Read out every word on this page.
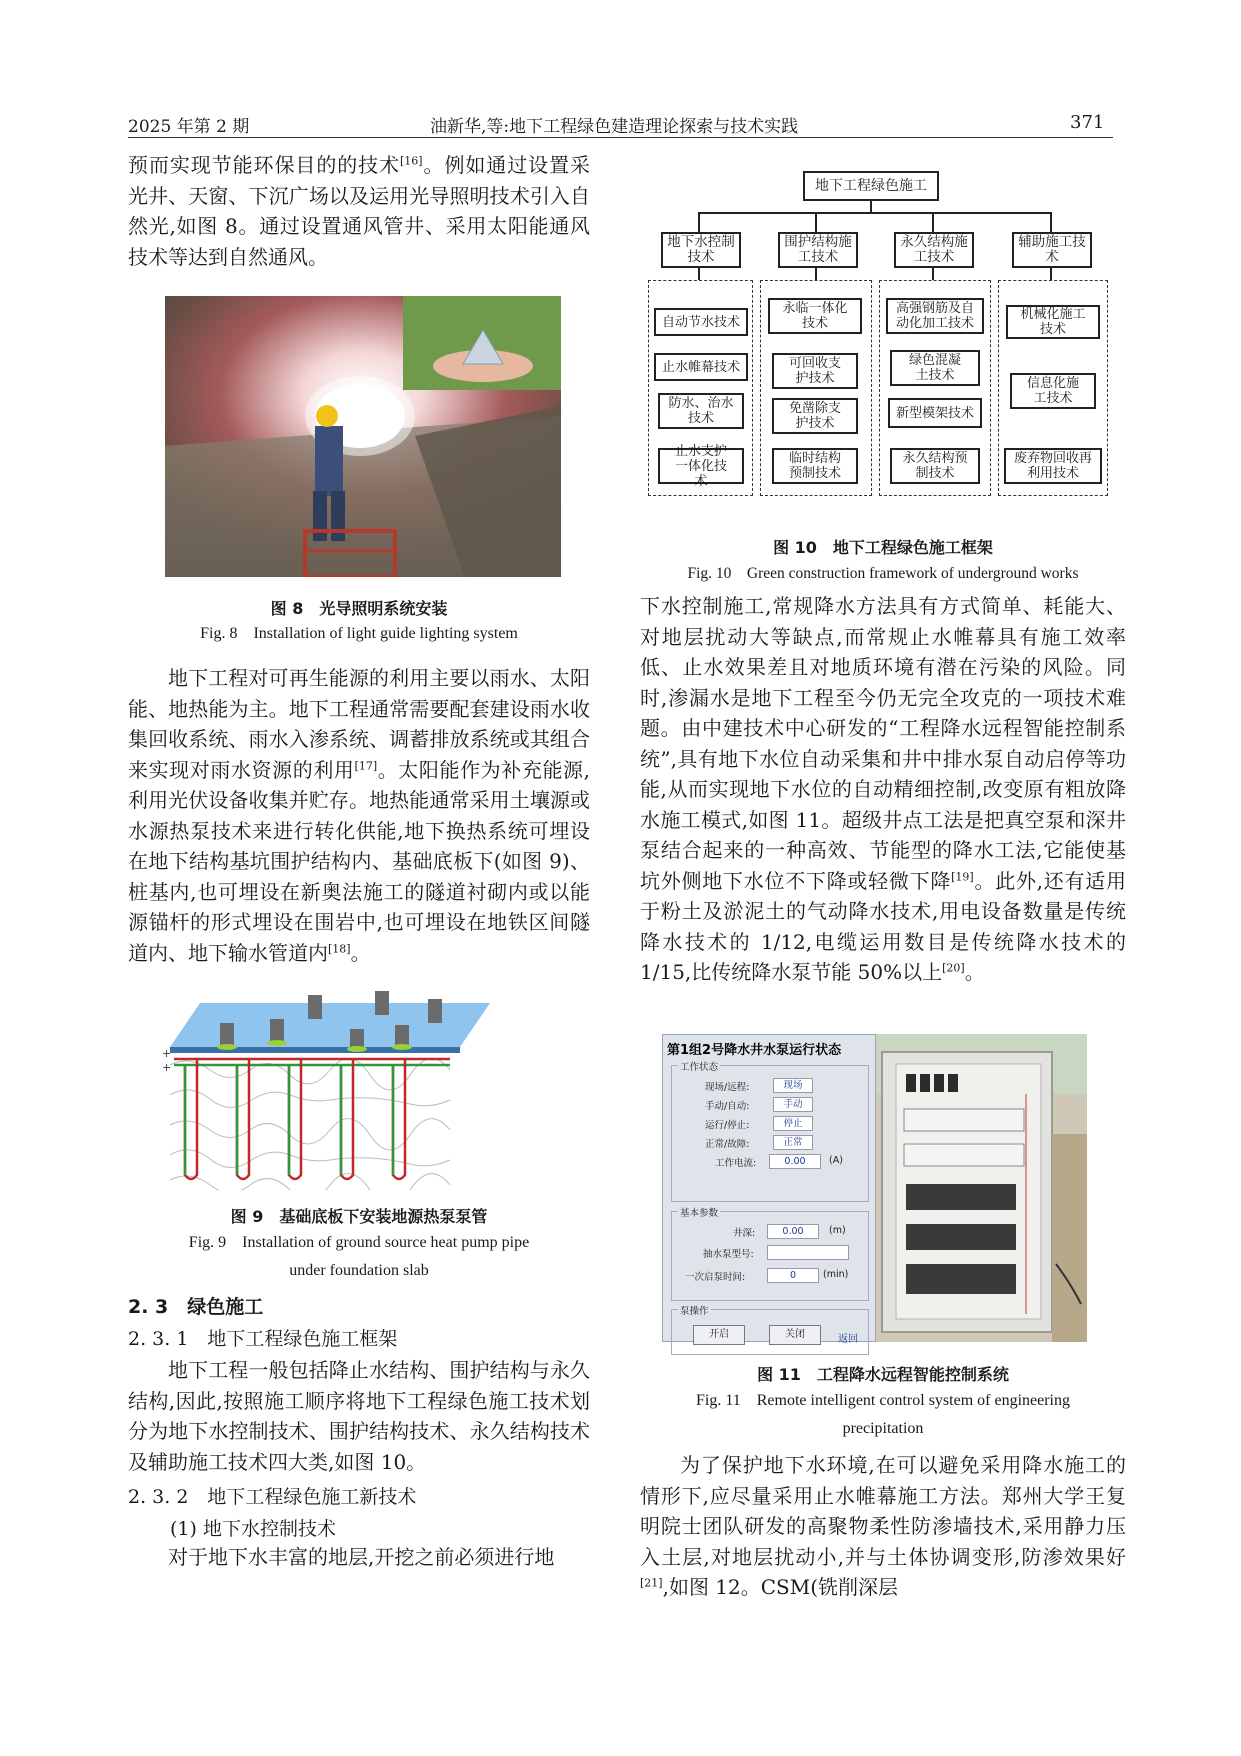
2025 年第 2 期	油新华,等:地下工程绿色建造理论探索与技术实践	371

预而实现节能环保目的的技术[16]。例如通过设置采光井、天窗、下沉广场以及运用光导照明技术引入自然光,如图 8。通过设置通风管井、采用太阳能通风技术等达到自然通风。

图 8　光导照明系统安装
Fig. 8　Installation of light guide lighting system

地下工程对可再生能源的利用主要以雨水、太阳能、地热能为主。地下工程通常需要配套建设雨水收集回收系统、雨水入渗系统、调蓄排放系统或其组合来实现对雨水资源的利用[17]。太阳能作为补充能源,利用光伏设备收集并贮存。地热能通常采用土壤源或水源热泵技术来进行转化供能,地下换热系统可埋设在地下结构基坑围护结构内、基础底板下(如图 9)、桩基内,也可埋设在新奥法施工的隧道衬砌内或以能源锚杆的形式埋设在围岩中,也可埋设在地铁区间隧道内、地下输水管道内[18]。

+
+
图 9　基础底板下安装地源热泵泵管
Fig. 9　Installation of ground source heat pump pipe
under foundation slab
2. 3　绿色施工
2. 3. 1　地下工程绿色施工框架

地下工程一般包括降止水结构、围护结构与永久结构,因此,按照施工顺序将地下工程绿色施工技术划分为地下水控制技术、围护结构技术、永久结构技术及辅助施工技术四大类,如图 10。

2. 3. 2　地下工程绿色施工新技术
(1) 地下水控制技术

对于地下水丰富的地层,开挖之前必须进行地

地下工程绿色施工
地下水控制技术
围护结构施工技术
永久结构施工技术
辅助施工技术
自动节水技术
止水帷幕技术
防水、治水技术
止水支护一体化技术
永临一体化技术
可回收支护技术
免凿除支护技术
临时结构预制技术
高强钢筋及自动化加工技术
绿色混凝土技术
新型模架技术
永久结构预制技术
机械化施工技术
信息化施工技术
废弃物回收再利用技术
图 10　地下工程绿色施工框架
Fig. 10　Green construction framework of underground works

下水控制施工,常规降水方法具有方式简单、耗能大、对地层扰动大等缺点,而常规止水帷幕具有施工效率低、止水效果差且对地质环境有潜在污染的风险。同时,渗漏水是地下工程至今仍无完全攻克的一项技术难题。由中建技术中心研发的“工程降水远程智能控制系统”,具有地下水位自动采集和井中排水泵自动启停等功能,从而实现地下水位的自动精细控制,改变原有粗放降水施工模式,如图 11。超级井点工法是把真空泵和深井泵结合起来的一种高效、节能型的降水工法,它能使基坑外侧地下水位不下降或轻微下降[19]。此外,还有适用于粉土及淤泥土的气动降水技术,用电设备数量是传统降水技术的 1/12,电缆运用数目是传统降水技术的 1/15,比传统降水泵节能 50%以上[20]。

第1组2号降水井水泵运行状态
工作状态
现场/远程:	现场
手动/自动:	手动
运行/停止:	停止
正常/故障:	正常
工作电流:	0.00	(A)
基本参数
井深:	0.00	(m)
抽水泵型号:
一次启泵时间:	0	(min)
泵操作
开启	关闭	返回
图 11　工程降水远程智能控制系统
Fig. 11　Remote intelligent control system of engineering
precipitation

为了保护地下水环境,在可以避免采用降水施工的情形下,应尽量采用止水帷幕施工方法。郑州大学王复明院士团队研发的高聚物柔性防渗墙技术,采用静力压入土层,对地层扰动小,并与土体协调变形,防渗效果好[21],如图 12。CSM(铣削深层
